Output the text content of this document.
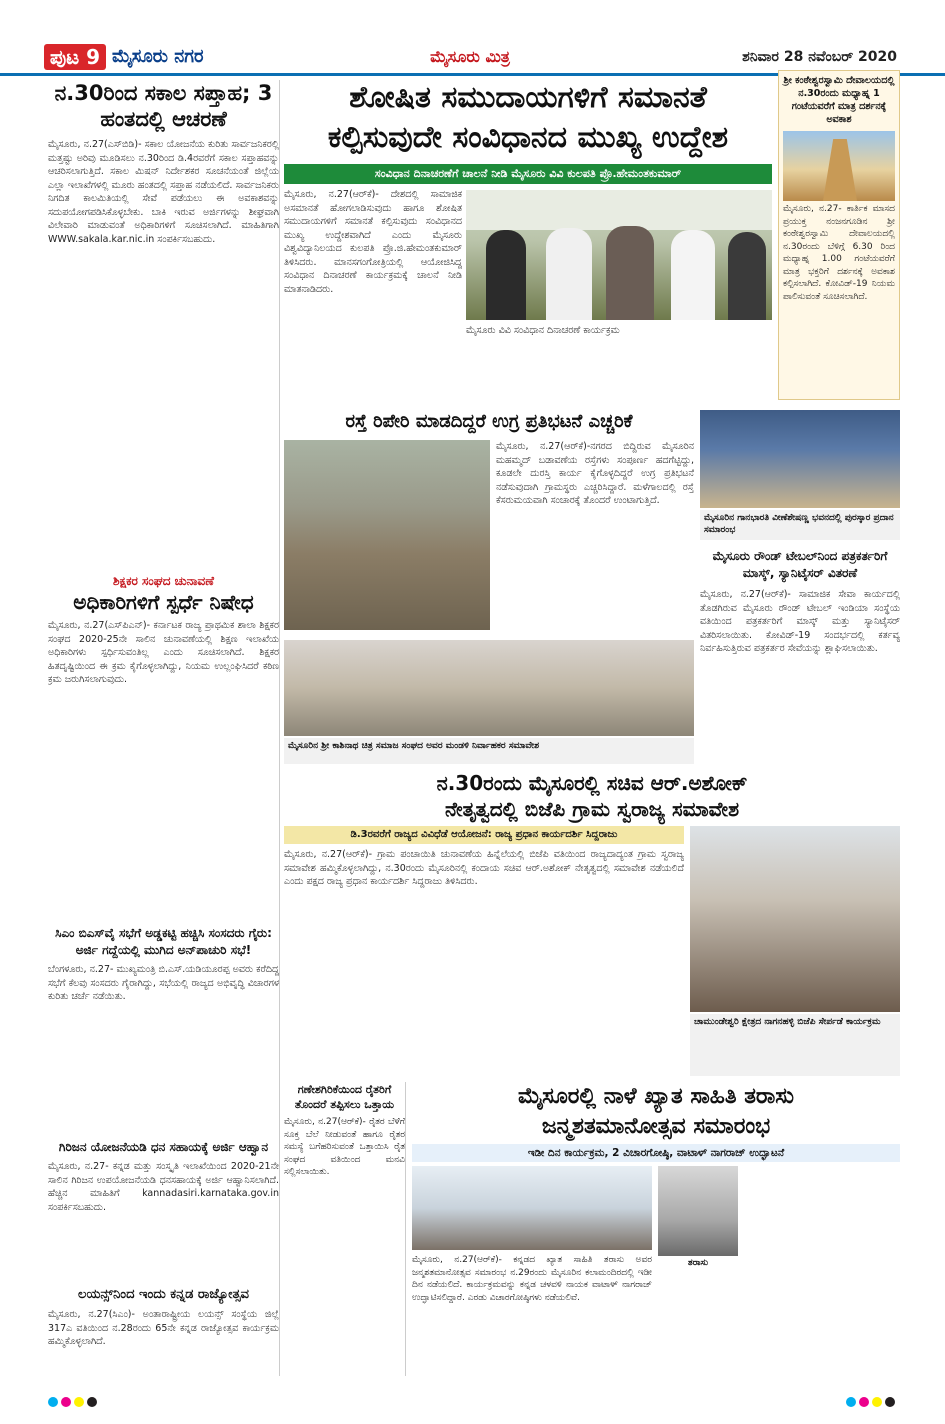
ಪುಟ 9 ಮೈಸೂರು ನಗರ	ಮೈಸೂರು ಮಿತ್ರ	ಶನಿವಾರ 28 ನವೆಂಬರ್ 2020
ನ.30ರಿಂದ ಸಕಾಲ ಸಪ್ತಾಹ; 3 ಹಂತದಲ್ಲಿ ಆಚರಣೆ
ಮೈಸೂರು, ನ.27(ಎಸ್‌ಬಿಡಿ)- ಸಕಾಲ ಯೋಜನೆಯ ಕುರಿತು ಸಾರ್ವಜನಿಕರಲ್ಲಿ ಮತ್ತಷ್ಟು ಅರಿವು ಮೂಡಿಸಲು ನ.30ರಿಂದ ಡಿ.4ರವರೆಗೆ ಸಕಾಲ ಸಪ್ತಾಹವನ್ನು ಆಚರಿಸಲಾಗುತ್ತಿದೆ. ಸಕಾಲ ಮಿಷನ್ ನಿರ್ದೇಶಕರ ಸೂಚನೆಯಂತೆ ಜಿಲ್ಲೆಯ ಎಲ್ಲಾ ಇಲಾಖೆಗಳಲ್ಲಿ ಮೂರು ಹಂತದಲ್ಲಿ ಸಪ್ತಾಹ ನಡೆಯಲಿದೆ. ಸಾರ್ವಜನಿಕರು ನಿಗದಿತ ಕಾಲಮಿತಿಯಲ್ಲಿ ಸೇವೆ ಪಡೆಯಲು ಈ ಅವಕಾಶವನ್ನು ಸದುಪಯೋಗಪಡಿಸಿಕೊಳ್ಳಬೇಕು. ಬಾಕಿ ಇರುವ ಅರ್ಜಿಗಳನ್ನು ಶೀಘ್ರವಾಗಿ ವಿಲೇವಾರಿ ಮಾಡುವಂತೆ ಅಧಿಕಾರಿಗಳಿಗೆ ಸೂಚಿಸಲಾಗಿದೆ. ಮಾಹಿತಿಗಾಗಿ WWW.sakala.kar.nic.in ಸಂಪರ್ಕಿಸಬಹುದು.
ಶಿಕ್ಷಕರ ಸಂಘದ ಚುನಾವಣೆ
ಅಧಿಕಾರಿಗಳಿಗೆ ಸ್ಪರ್ಧೆ ನಿಷೇಧ
ಮೈಸೂರು, ನ.27(ಎಸ್‌ಪಿಎನ್)- ಕರ್ನಾಟಕ ರಾಜ್ಯ ಪ್ರಾಥಮಿಕ ಶಾಲಾ ಶಿಕ್ಷಕರ ಸಂಘದ 2020-25ನೇ ಸಾಲಿನ ಚುನಾವಣೆಯಲ್ಲಿ ಶಿಕ್ಷಣ ಇಲಾಖೆಯ ಅಧಿಕಾರಿಗಳು ಸ್ಪರ್ಧಿಸುವಂತಿಲ್ಲ ಎಂದು ಸೂಚಿಸಲಾಗಿದೆ. ಶಿಕ್ಷಕರ ಹಿತದೃಷ್ಟಿಯಿಂದ ಈ ಕ್ರಮ ಕೈಗೊಳ್ಳಲಾಗಿದ್ದು, ನಿಯಮ ಉಲ್ಲಂಘಿಸಿದರೆ ಕಠಿಣ ಕ್ರಮ ಜರುಗಿಸಲಾಗುವುದು.
ಸಿಎಂ ಬಿಎಸ್‌ವೈ ಸಭೆಗೆ ಅಡ್ಡಕಟ್ಟಿ ಹಚ್ಚಿಸಿ ಸಂಸದರು ಗೈರು: ಅರ್ಜಿ ಗದ್ದೆಯಲ್ಲಿ ಮುಗಿದ ಅನ್‌ಪಾಚುರಿ ಸಭೆ!
ಬೆಂಗಳೂರು, ನ.27- ಮುಖ್ಯಮಂತ್ರಿ ಬಿ.ಎಸ್.ಯಡಿಯೂರಪ್ಪ ಅವರು ಕರೆದಿದ್ದ ಸಭೆಗೆ ಕೆಲವು ಸಂಸದರು ಗೈರಾಗಿದ್ದು, ಸಭೆಯಲ್ಲಿ ರಾಜ್ಯದ ಅಭಿವೃದ್ಧಿ ವಿಚಾರಗಳ ಕುರಿತು ಚರ್ಚೆ ನಡೆಯಿತು.
ಗಿರಿಜನ ಯೋಜನೆಯಡಿ ಧನ ಸಹಾಯಕ್ಕೆ ಅರ್ಜಿ ಆಹ್ವಾನ
ಮೈಸೂರು, ನ.27- ಕನ್ನಡ ಮತ್ತು ಸಂಸ್ಕೃತಿ ಇಲಾಖೆಯಿಂದ 2020-21ನೇ ಸಾಲಿನ ಗಿರಿಜನ ಉಪಯೋಜನೆಯಡಿ ಧನಸಹಾಯಕ್ಕೆ ಅರ್ಜಿ ಆಹ್ವಾನಿಸಲಾಗಿದೆ. ಹೆಚ್ಚಿನ ಮಾಹಿತಿಗೆ kannadasiri.karnataka.gov.in ಸಂಪರ್ಕಿಸಬಹುದು.
ಲಯನ್ಸ್‌ನಿಂದ ಇಂದು ಕನ್ನಡ ರಾಜ್ಯೋತ್ಸವ
ಮೈಸೂರು, ನ.27(ಸಿಎಂ)- ಅಂತಾರಾಷ್ಟ್ರೀಯ ಲಯನ್ಸ್ ಸಂಸ್ಥೆಯ ಜಿಲ್ಲೆ 317ಎ ವತಿಯಿಂದ ನ.28ರಂದು 65ನೇ ಕನ್ನಡ ರಾಜ್ಯೋತ್ಸವ ಕಾರ್ಯಕ್ರಮ ಹಮ್ಮಿಕೊಳ್ಳಲಾಗಿದೆ.
ಶೋಷಿತ ಸಮುದಾಯಗಳಿಗೆ ಸಮಾನತೆ
ಕಲ್ಪಿಸುವುದೇ ಸಂವಿಧಾನದ ಮುಖ್ಯ ಉದ್ದೇಶ
ಸಂವಿಧಾನ ದಿನಾಚರಣೆಗೆ ಚಾಲನೆ ನೀಡಿ ಮೈಸೂರು ವಿವಿ ಕುಲಪತಿ ಪ್ರೊ.ಹೇಮಂತಕುಮಾರ್
ಮೈಸೂರು, ನ.27(ಆರ್‌ಕೆ)- ದೇಶದಲ್ಲಿ ಸಾಮಾಜಿಕ ಅಸಮಾನತೆ ಹೋಗಲಾಡಿಸುವುದು ಹಾಗೂ ಶೋಷಿತ ಸಮುದಾಯಗಳಿಗೆ ಸಮಾನತೆ ಕಲ್ಪಿಸುವುದು ಸಂವಿಧಾನದ ಮುಖ್ಯ ಉದ್ದೇಶವಾಗಿದೆ ಎಂದು ಮೈಸೂರು ವಿಶ್ವವಿದ್ಯಾನಿಲಯದ ಕುಲಪತಿ ಪ್ರೊ.ಜಿ.ಹೇಮಂತಕುಮಾರ್ ತಿಳಿಸಿದರು. ಮಾನಸಗಂಗೋತ್ರಿಯಲ್ಲಿ ಆಯೋಜಿಸಿದ್ದ ಸಂವಿಧಾನ ದಿನಾಚರಣೆ ಕಾರ್ಯಕ್ರಮಕ್ಕೆ ಚಾಲನೆ ನೀಡಿ ಮಾತನಾಡಿದರು.
ಮೈಸೂರು ವಿವಿ ಸಂವಿಧಾನ ದಿನಾಚರಣೆ ಕಾರ್ಯಕ್ರಮ
ಶ್ರೀ ಕಂಠೇಶ್ವರಸ್ವಾಮಿ ದೇವಾಲಯದಲ್ಲಿ ನ.30ರಂದು ಮಧ್ಯಾಹ್ನ 1 ಗಂಟೆಯವರೆಗೆ ಮಾತ್ರ ದರ್ಶನಕ್ಕೆ ಅವಕಾಶ
ಮೈಸೂರು, ನ.27- ಕಾರ್ತಿಕ ಮಾಸದ ಪ್ರಯುಕ್ತ ನಂಜನಗೂಡಿನ ಶ್ರೀ ಕಂಠೇಶ್ವರಸ್ವಾಮಿ ದೇವಾಲಯದಲ್ಲಿ ನ.30ರಂದು ಬೆಳಿಗ್ಗೆ 6.30 ರಿಂದ ಮಧ್ಯಾಹ್ನ 1.00 ಗಂಟೆಯವರೆಗೆ ಮಾತ್ರ ಭಕ್ತರಿಗೆ ದರ್ಶನಕ್ಕೆ ಅವಕಾಶ ಕಲ್ಪಿಸಲಾಗಿದೆ. ಕೋವಿಡ್-19 ನಿಯಮ ಪಾಲಿಸುವಂತೆ ಸೂಚಿಸಲಾಗಿದೆ.
ರಸ್ತೆ ರಿಪೇರಿ ಮಾಡದಿದ್ದರೆ ಉಗ್ರ ಪ್ರತಿಭಟನೆ ಎಚ್ಚರಿಕೆ
ಮೈಸೂರು, ನ.27(ಆರ್‌ಕೆ)-ನಗರದ ಬಿದ್ದಿರುವ ಮೈಸೂರಿನ ಮಹಮ್ಮದ್ ಬಡಾವಣೆಯ ರಸ್ತೆಗಳು ಸಂಪೂರ್ಣ ಹದಗೆಟ್ಟಿದ್ದು, ಕೂಡಲೇ ದುರಸ್ತಿ ಕಾರ್ಯ ಕೈಗೊಳ್ಳದಿದ್ದರೆ ಉಗ್ರ ಪ್ರತಿಭಟನೆ ನಡೆಸುವುದಾಗಿ ಗ್ರಾಮಸ್ಥರು ಎಚ್ಚರಿಸಿದ್ದಾರೆ. ಮಳೆಗಾಲದಲ್ಲಿ ರಸ್ತೆ ಕೆಸರುಮಯವಾಗಿ ಸಂಚಾರಕ್ಕೆ ತೊಂದರೆ ಉಂಟಾಗುತ್ತಿದೆ.
ಮೈಸೂರಿನ ಶ್ರೀ ಕಾಶಿನಾಥ ಚಿತ್ರ ಸಮಾಜ ಸಂಘದ ಅವರ ಮಂಡಳಿ ನಿರ್ವಾಹಕರ ಸಮಾವೇಶ
ಮೈಸೂರಿನ ಗಾನಭಾರತಿ ವೀಣೆಶೇಷಣ್ಣ ಭವನದಲ್ಲಿ ಪುರಸ್ಕಾರ ಪ್ರದಾನ ಸಮಾರಂಭ
ಮೈಸೂರು ರೌಂಡ್ ಟೇಬಲ್‌ನಿಂದ ಪತ್ರಕರ್ತರಿಗೆ ಮಾಸ್ಕ್, ಸ್ಯಾನಿಟೈಸರ್ ವಿತರಣೆ
ಮೈಸೂರು, ನ.27(ಆರ್‌ಕೆ)- ಸಾಮಾಜಿಕ ಸೇವಾ ಕಾರ್ಯದಲ್ಲಿ ತೊಡಗಿರುವ ಮೈಸೂರು ರೌಂಡ್ ಟೇಬಲ್ ಇಂಡಿಯಾ ಸಂಸ್ಥೆಯ ವತಿಯಿಂದ ಪತ್ರಕರ್ತರಿಗೆ ಮಾಸ್ಕ್ ಮತ್ತು ಸ್ಯಾನಿಟೈಸರ್ ವಿತರಿಸಲಾಯಿತು. ಕೋವಿಡ್-19 ಸಂದರ್ಭದಲ್ಲಿ ಕರ್ತವ್ಯ ನಿರ್ವಹಿಸುತ್ತಿರುವ ಪತ್ರಕರ್ತರ ಸೇವೆಯನ್ನು ಶ್ಲಾಘಿಸಲಾಯಿತು.
ನ.30ರಂದು ಮೈಸೂರಲ್ಲಿ ಸಚಿವ ಆರ್.ಅಶೋಕ್
ನೇತೃತ್ವದಲ್ಲಿ ಬಿಜೆಪಿ ಗ್ರಾಮ ಸ್ವರಾಜ್ಯ ಸಮಾವೇಶ
ಡಿ.3ರವರೆಗೆ ರಾಜ್ಯದ ವಿವಿಧೆಡೆ ಆಯೋಜನೆ: ರಾಜ್ಯ ಪ್ರಧಾನ ಕಾರ್ಯದರ್ಶಿ ಸಿದ್ದರಾಜು
ಮೈಸೂರು, ನ.27(ಆರ್‌ಕೆ)- ಗ್ರಾಮ ಪಂಚಾಯಿತಿ ಚುನಾವಣೆಯ ಹಿನ್ನೆಲೆಯಲ್ಲಿ ಬಿಜೆಪಿ ವತಿಯಿಂದ ರಾಜ್ಯದಾದ್ಯಂತ ಗ್ರಾಮ ಸ್ವರಾಜ್ಯ ಸಮಾವೇಶ ಹಮ್ಮಿಕೊಳ್ಳಲಾಗಿದ್ದು, ನ.30ರಂದು ಮೈಸೂರಿನಲ್ಲಿ ಕಂದಾಯ ಸಚಿವ ಆರ್.ಅಶೋಕ್ ನೇತೃತ್ವದಲ್ಲಿ ಸಮಾವೇಶ ನಡೆಯಲಿದೆ ಎಂದು ಪಕ್ಷದ ರಾಜ್ಯ ಪ್ರಧಾನ ಕಾರ್ಯದರ್ಶಿ ಸಿದ್ದರಾಜು ತಿಳಿಸಿದರು.
ಚಾಮುಂಡೇಶ್ವರಿ ಕ್ಷೇತ್ರದ ನಾಗನಹಳ್ಳಿ ಬಿಜೆಪಿ ಸೇರ್ಪಡೆ ಕಾರ್ಯಕ್ರಮ
ಗಣೇಶಗಿರಿಕೆಯಿಂದ ರೈತರಿಗೆ ತೊಂದರೆ ತಪ್ಪಿಸಲು ಒತ್ತಾಯ
ಮೈಸೂರು, ನ.27(ಆರ್‌ಕೆ)- ರೈತರ ಬೆಳೆಗೆ ಸೂಕ್ತ ಬೆಲೆ ನೀಡುವಂತೆ ಹಾಗೂ ರೈತರ ಸಮಸ್ಯೆ ಬಗೆಹರಿಸುವಂತೆ ಒತ್ತಾಯಿಸಿ ರೈತ ಸಂಘದ ವತಿಯಿಂದ ಮನವಿ ಸಲ್ಲಿಸಲಾಯಿತು.
ಮೈಸೂರಲ್ಲಿ ನಾಳೆ ಖ್ಯಾತ ಸಾಹಿತಿ ತರಾಸು
ಜನ್ಮಶತಮಾನೋತ್ಸವ ಸಮಾರಂಭ
ಇಡೀ ದಿನ ಕಾರ್ಯಕ್ರಮ, 2 ವಿಚಾರಗೋಷ್ಠಿ, ವಾಟಾಳ್ ನಾಗರಾಜ್ ಉದ್ಘಾಟನೆ
ಮೈಸೂರು, ನ.27(ಆರ್‌ಕೆ)- ಕನ್ನಡದ ಖ್ಯಾತ ಸಾಹಿತಿ ತರಾಸು ಅವರ ಜನ್ಮಶತಮಾನೋತ್ಸವ ಸಮಾರಂಭ ನ.29ರಂದು ಮೈಸೂರಿನ ಕಲಾಮಂದಿರದಲ್ಲಿ ಇಡೀ ದಿನ ನಡೆಯಲಿದೆ. ಕಾರ್ಯಕ್ರಮವನ್ನು ಕನ್ನಡ ಚಳವಳಿ ನಾಯಕ ವಾಟಾಳ್ ನಾಗರಾಜ್ ಉದ್ಘಾಟಿಸಲಿದ್ದಾರೆ. ಎರಡು ವಿಚಾರಗೋಷ್ಠಿಗಳು ನಡೆಯಲಿವೆ.
ತರಾಸು
